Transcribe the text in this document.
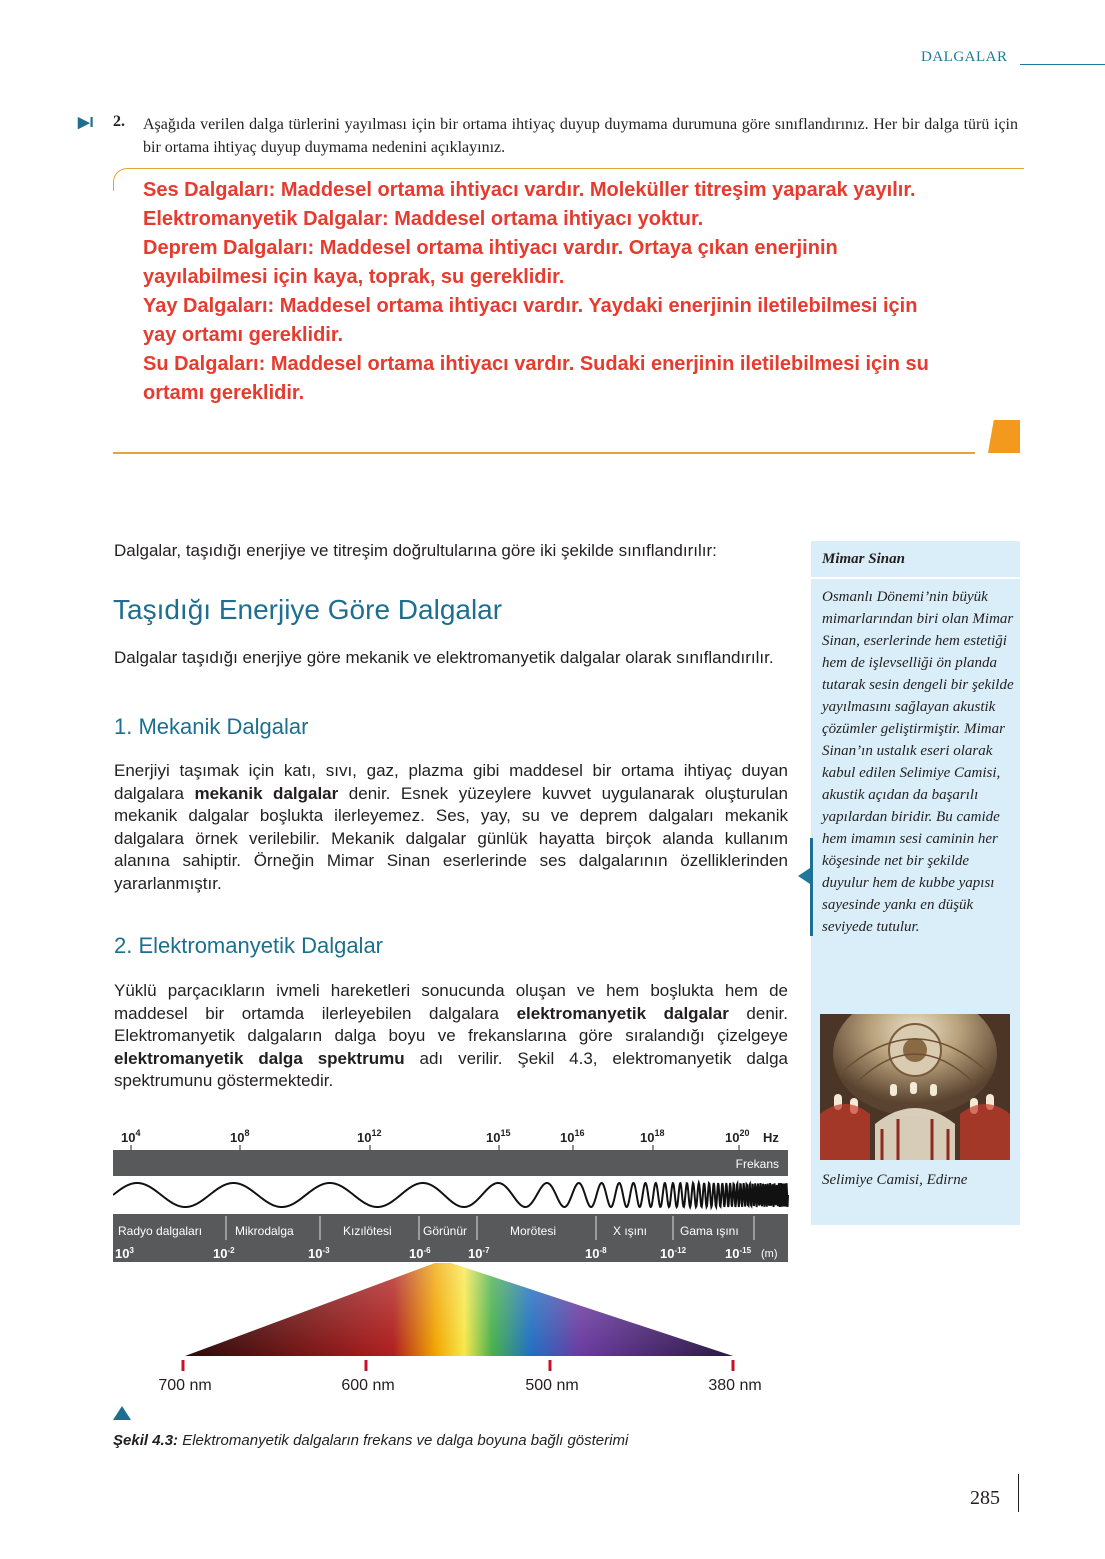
DALGALAR
▶I 2. Aşağıda verilen dalga türlerini yayılması için bir ortama ihtiyaç duyup duymama durumuna göre sınıflandırınız. Her bir dalga türü için bir ortama ihtiyaç duyup duymama nedenini açıklayınız.
Ses Dalgaları: Maddesel ortama ihtiyacı vardır. Moleküller titreşim yaparak yayılır.
Elektromanyetik Dalgalar: Maddesel ortama ihtiyacı yoktur.
Deprem Dalgaları: Maddesel ortama ihtiyacı vardır. Ortaya çıkan enerjinin
yayılabilmesi için kaya, toprak, su gereklidir.
Yay Dalgaları: Maddesel ortama ihtiyacı vardır. Yaydaki enerjinin iletilebilmesi için
yay ortamı gereklidir.
Su Dalgaları: Maddesel ortama ihtiyacı vardır. Sudaki enerjinin iletilebilmesi için su
ortamı gereklidir.
Dalgalar, taşıdığı enerjiye ve titreşim doğrultularına göre iki şekilde sınıflandırılır:
Taşıdığı Enerjiye Göre Dalgalar
Dalgalar taşıdığı enerjiye göre mekanik ve elektromanyetik dalgalar olarak sınıflandırılır.
1. Mekanik Dalgalar
Enerjiyi taşımak için katı, sıvı, gaz, plazma gibi maddesel bir ortama ihtiyaç duyan dalgalara mekanik dalgalar denir. Esnek yüzeylere kuvvet uygulanarak oluşturulan mekanik dalgalar boşlukta ilerleyemez. Ses, yay, su ve deprem dalgaları mekanik dalgalara örnek verilebilir. Mekanik dalgalar günlük hayatta birçok alanda kullanım alanına sahiptir. Örneğin Mimar Sinan eserlerinde ses dalgalarının özelliklerinden yararlanmıştır.
2. Elektromanyetik Dalgalar
Yüklü parçacıkların ivmeli hareketleri sonucunda oluşan ve hem boşlukta hem de maddesel bir ortamda ilerleyebilen dalgalara elektromanyetik dalgalar denir. Elektromanyetik dalgaların dalga boyu ve frekanslarına göre sıralandığı çizelgeye elektromanyetik dalga spektrumu adı verilir. Şekil 4.3, elektromanyetik dalga spektrumunu göstermektedir.
Mimar Sinan
Osmanlı Dönemi’nin büyük mimarlarından biri olan Mimar Sinan, eserlerinde hem estetiği hem de işlevselliği ön planda tutarak sesin dengeli bir şekilde yayılmasını sağlayan akustik çözümler geliştirmiştir. Mimar Sinan’ın ustalık eseri olarak kabul edilen Selimiye Camisi, akustik açıdan da başarılı yapılardan biridir. Bu camide hem imamın sesi caminin her köşesinde net bir şekilde duyulur hem de kubbe yapısı sayesinde yankı en düşük seviyede tutulur.
Selimiye Camisi, Edirne
$10^4$	$10^8$	$10^{12}$	$10^{15}$	$10^{16}$	$10^{18}$	$10^{20}$ Hz
Frekans
Radyo dalgaları	Mikrodalga	Kızılötesi	Görünür	Morötesi	X ışını	Gama ışını
$10^3$	$10^{-2}$	$10^{-3}$	$10^{-6}$	$10^{-7}$	$10^{-8}$	$10^{-12}$	$10^{-15}$ (m)
700 nm	600 nm	500 nm	380 nm
Şekil 4.3: Elektromanyetik dalgaların frekans ve dalga boyuna bağlı gösterimi
285
